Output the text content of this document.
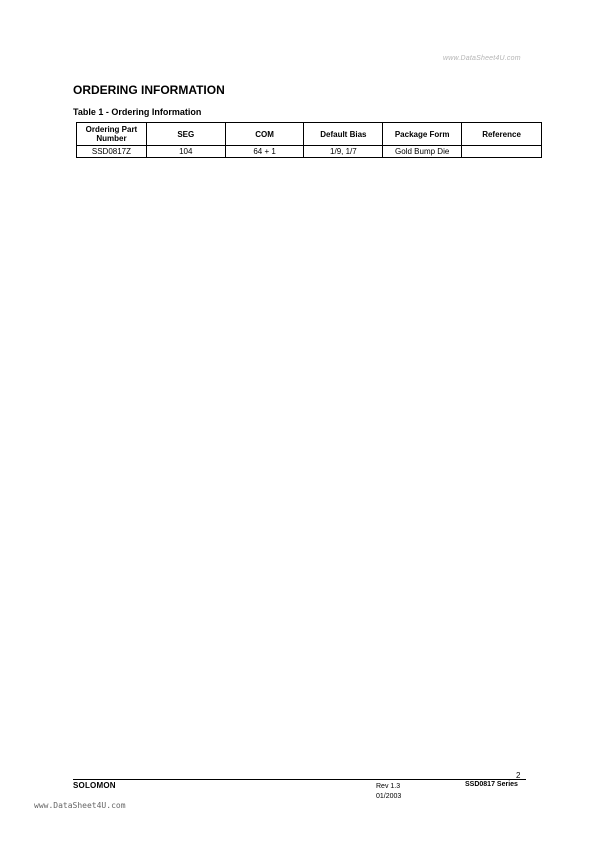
www.DataSheet4U.com
ORDERING INFORMATION
Table 1 - Ordering Information
Ordering Part Number	SEG	COM	Default Bias	Package Form	Reference
SSD0817Z	104	64 + 1	1/9, 1/7	Gold Bump Die	
2
SOLOMON	Rev 1.3
01/2003
SSD0817 Series
www.DataSheet4U.com
